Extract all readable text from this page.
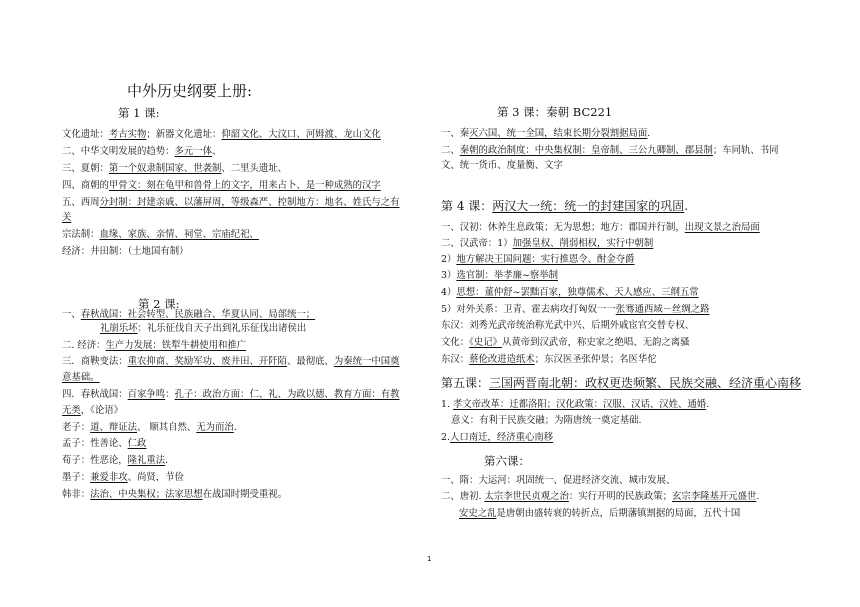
中外历史纲要上册:
第 1 课:
文化遗址：考古实物；新器文化遗址：仰韶文化、大汶口、河姆渡、龙山文化
二、中华文明发展的趋势：多元一体、
三、夏朝：第一个奴隶制国家、世袭制、二里头遗址、
四、商朝的甲骨文：刻在龟甲和兽骨上的文字，用来占卜、是一种成熟的汉字
五、西周分封制：封建亲戚、以藩屏周，等级森严、控制地方：地名、姓氏与之有
关
宗法制：血缘、家族、亲情、祠堂、宗庙纪祀、
经济：井田制：（土地国有制）
第 2 课:
一、春秋战国：社会转型、民族融合、华夏认同、局部统一；
礼崩乐坏：礼乐征伐自天子出到礼乐征伐出诸侯出
二. 经济：生产力发展：铁犁牛耕使用和推广
三．商鞅变法：重农抑商、奖励军功、废井田、开阡陌、最彻底、为秦统一中国奠
意基础。
四．春秋战国：百家争鸣：孔子：政治方面：仁、礼、为政以德、教育方面：有教
无类，《论语》
老子：道、辩证法、 顺其自然、无为而治.
孟子：性善论、仁政
荀子：性恶论，隆礼重法.
墨子：兼爱非攻、尚贤，节俭
韩非：法治、中央集权；法家思想在战国时期受重视。
第 3 课：秦朝 BC221
一、秦灭六国、统一全国，结束长期分裂割据局面.
二、秦朝的政治制度：中央集权制：皇帝制、三公九卿制、郡县制；车同轨、书同
文、统一货币、度量衡、文字
第 4 课：两汉大一统：统一的封建国家的巩固.
一、汉初：休养生息政策；无为思想；地方：郡国并行制，出现文景之治局面
二、汉武帝：1）加强皇权、削弱相权，实行中朝制
2）地方解决王国问题：实行推恩令、酎金夺爵
3）选官制：举孝廉~察举制
4）思想：董仲舒~罢黜百家，独尊儒术、天人感应、三纲五常
5）对外关系：卫青、霍去病攻打匈奴一一张骞通西域－丝绸之路
东汉：刘秀光武帝统治称光武中兴、后期外戚宦官交替专权、
文化：《史记》从黄帝到汉武帝，称史家之绝唱、无韵之离骚
东汉：蔡伦改进造纸术；东汉医圣张仲景；名医华佗
第五课：三国两晋南北朝：政权更迭频繁、民族交融、经济重心南移
1. 孝文帝改革：迁都洛阳；汉化政策：汉服、汉话、汉姓、通婚.
意义：有利于民族交融；为隋唐统一奠定基础.
2.人口南迁，经济重心南移
第六课：
一、隋：大运河：巩固统一、促进经济交流、城市发展、
二、唐初. 太宗李世民贞观之治：实行开明的民族政策；玄宗李隆基开元盛世.
安史之乱是唐朝由盛转衰的转折点，后期藩镇割据的局面，五代十国
1
